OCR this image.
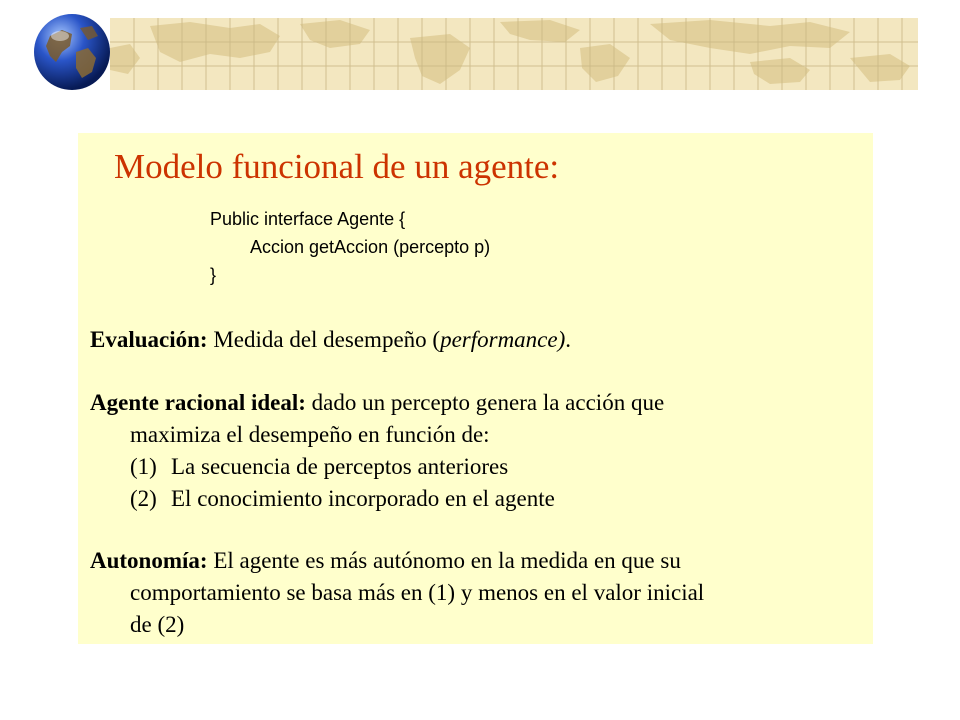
Modelo funcional de un agente:
Public interface Agente {
Accion getAccion (percepto p)
}
Evaluación: Medida del desempeño (performance).
Agente racional ideal: dado un percepto genera la acción que
maximiza el desempeño en función de:
(1) La secuencia de perceptos anteriores
(2) El conocimiento incorporado en el agente
Autonomía: El agente es más autónomo en la medida en que su
comportamiento se basa más en (1) y menos en el valor inicial
de (2)
